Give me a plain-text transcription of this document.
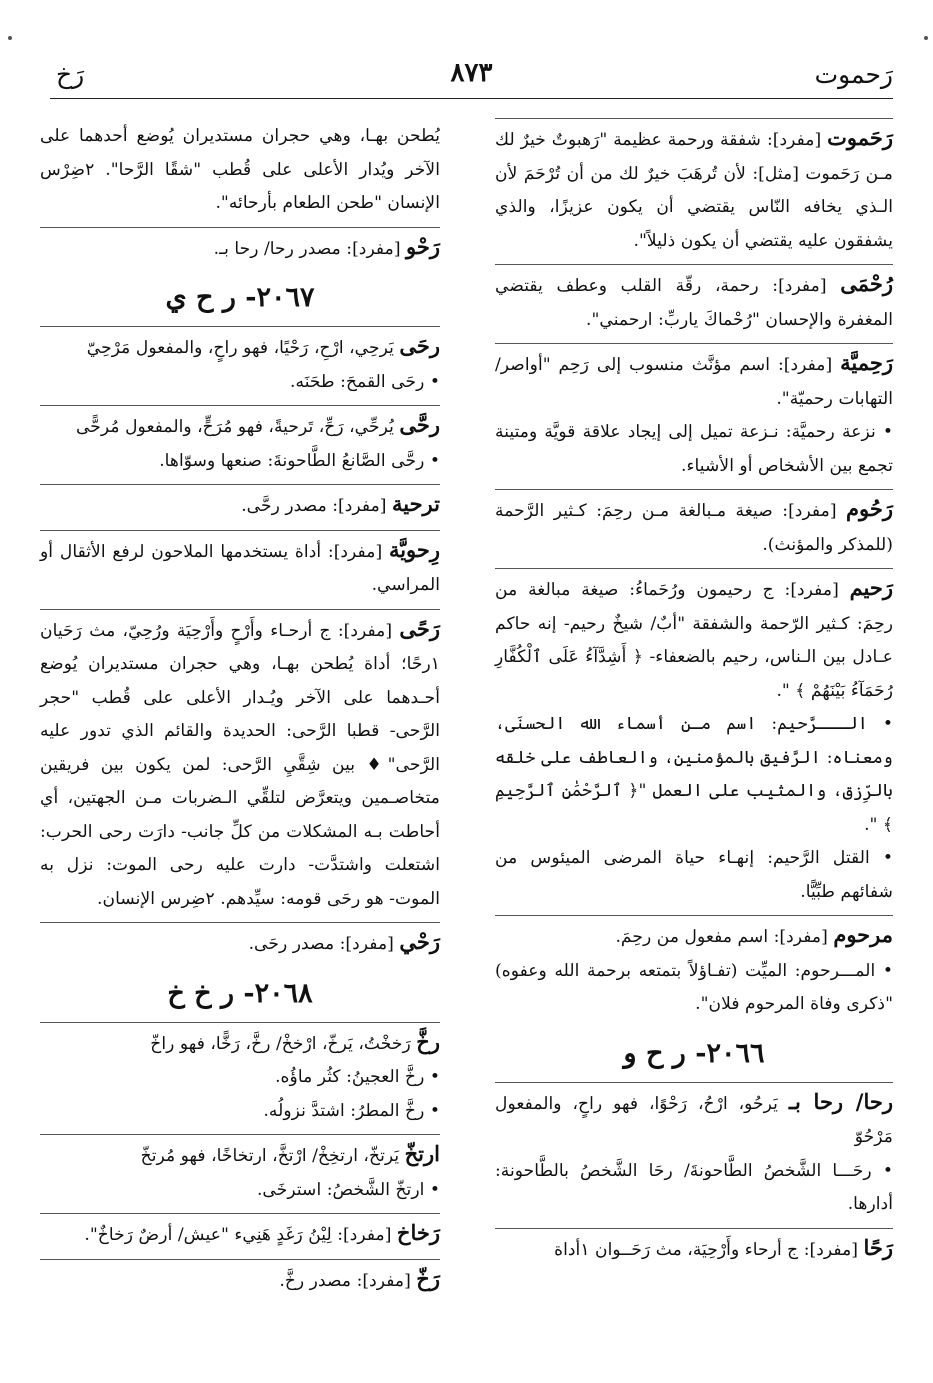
رَحموت
٨٧٣
رَخ
رَحَموت [مفرد]: شفقة ورحمة عظيمة "رَهبوتٌ خيرٌ لك مـن رَحَموت [مثل]: لأن تُرهَبَ خيرٌ لك من أن تُرْحَمَ لأن الـذي يخافه النّاس يقتضي أن يكون عزيزًا، والذي يشفقون عليه يقتضي أن يكون ذليلاً".
رُحْمَى [مفرد]: رحمة، رقّة القلب وعطف يقتضي المغفرة والإحسان "رُحْماكَ ياربِّ: ارحمني".
رَحِميَّة [مفرد]: اسم مؤنَّث منسوب إلى رَحِم "أواصر/ التهابات رحميّة".
• نزعة رحميَّة: نـزعة تميل إلى إيجاد علاقة قويَّة ومتينة تجمع بين الأشخاص أو الأشياء.
رَحُوم [مفرد]: صيغة مـبالغة مـن رحِمَ: كـثير الرَّحمة (للمذكر والمؤنث).
رَحيم [مفرد]: ج رحيمون ورُحَماءُ: صيغة مبالغة من رحِمَ: كـثير الرّحمة والشفقة "أبٌ/ شيخٌ رحيم- إنه حاكم عـادل بين الـناس، رحيم بالضعفاء- ﴿ أَشِدَّآءُ عَلَى ٱلْكُفَّارِ رُحَمَآءُ بَيْنَهُمْ ﴾ ".
• الـــرَّحيم: اسم مـن أسماء الله الحسنَى، ومعناه: الرَّفيق بالمؤمنين، والعاطف على خلقه بالرِّزق، والمثيب على العمل "﴿ ٱلرَّحْمَٰنِ ٱلرَّحِيمِ ﴾ ".
• القتل الرَّحيم: إنهـاء حياة المرضى الميئوس من شفائهم طبِّيًّا.
مرحوم [مفرد]: اسم مفعول من رحِمَ.
• المـــرحوم: الميِّت (تفـاؤلاً بتمتعه برحمة الله وعفوه) "ذكرى وفاة المرحوم فلان".
٢٠٦٦- ر ح و
رحا/ رحا بـ يَرحُو، ارْحُ، رَحْوًا، فهو راحٍ، والمفعول مَرْحُوّ
• رحَـــا الشَّخصُ الطَّاحونةَ/ رحَا الشَّخصُ بالطَّاحونة: أدارها.
رَحًا [مفرد]: ج أرحاء وأَرْحِيَة، مث رَحَــوان ١أداة
يُطحن بهـا، وهي حجران مستديران يُوضع أحدهما على الآخر ويُدار الأعلى على قُطب "شقًا الرَّحا". ٢ضِرْس الإنسان "طحن الطعام بأرحائه".
رَحْو [مفرد]: مصدر رحا/ رحا بـ.
٢٠٦٧- ر ح ي
رحَى يَرحِي، ارْحِ، رَحْيًا، فهو راحٍ، والمفعول مَرْحِيّ
• رحَى القمحَ: طحَنَه.
رحَّى يُرحِّي، رَحِّ، تَرحيةً، فهو مُرَحٍّ، والمفعول مُرحًّى
• رحَّى الصَّانعُ الطَّاحونةَ: صنعها وسوّاها.
ترحية [مفرد]: مصدر رحَّى.
رِحويَّة [مفرد]: أداة يستخدمها الملاحون لرفع الأثقال أو المراسي.
رَحًى [مفرد]: ج أرحـاء وأَرْحٍ وأَرْحِيَة ورُحِيّ، مث رَحَيان ١رحًا؛ أداة يُطحن بهـا، وهي حجران مستديران يُوضع أحـدهما على الآخر ويُـدار الأعلى على قُطب "حجر الرَّحى- قطبا الرَّحى: الحديدة والقائم الذي تدور عليه الرَّحى"♦ بين شِقَّيِ الرَّحى: لمن يكون بين فريقين متخاصـمين ويتعرَّض لتلقِّي الـضربات مـن الجهتين، أي أحاطت بـه المشكلات من كلِّ جانب- دارَت رحى الحرب: اشتعلت واشتدَّت- دارت عليه رحى الموت: نزل به الموت- هو رحَى قومه: سيِّدهم. ٢ضِرس الإنسان.
رَحْي [مفرد]: مصدر رحَى.
٢٠٦٨- ر خ خ
رخَّ رَخخْتُ، يَرخّ، ارْخخْ/ رخَّ، رَخًّا، فهو راخّ
• رخَّ العجينُ: كثُر ماؤُه.
• رخَّ المطرُ: اشتدَّ نزولُه.
ارتخّ يَرتخّ، ارتخِخْ/ ارْتخَّ، ارتخاخًا، فهو مُرتخّ
• ارتخّ الشَّخصُ: استرخَى.
رَخاخ [مفرد]: لِيْنُ رَغَدٍ هَنِيء "عيش/ أرضٌ رَخاخٌ".
رَخّ [مفرد]: مصدر رخَّ.
